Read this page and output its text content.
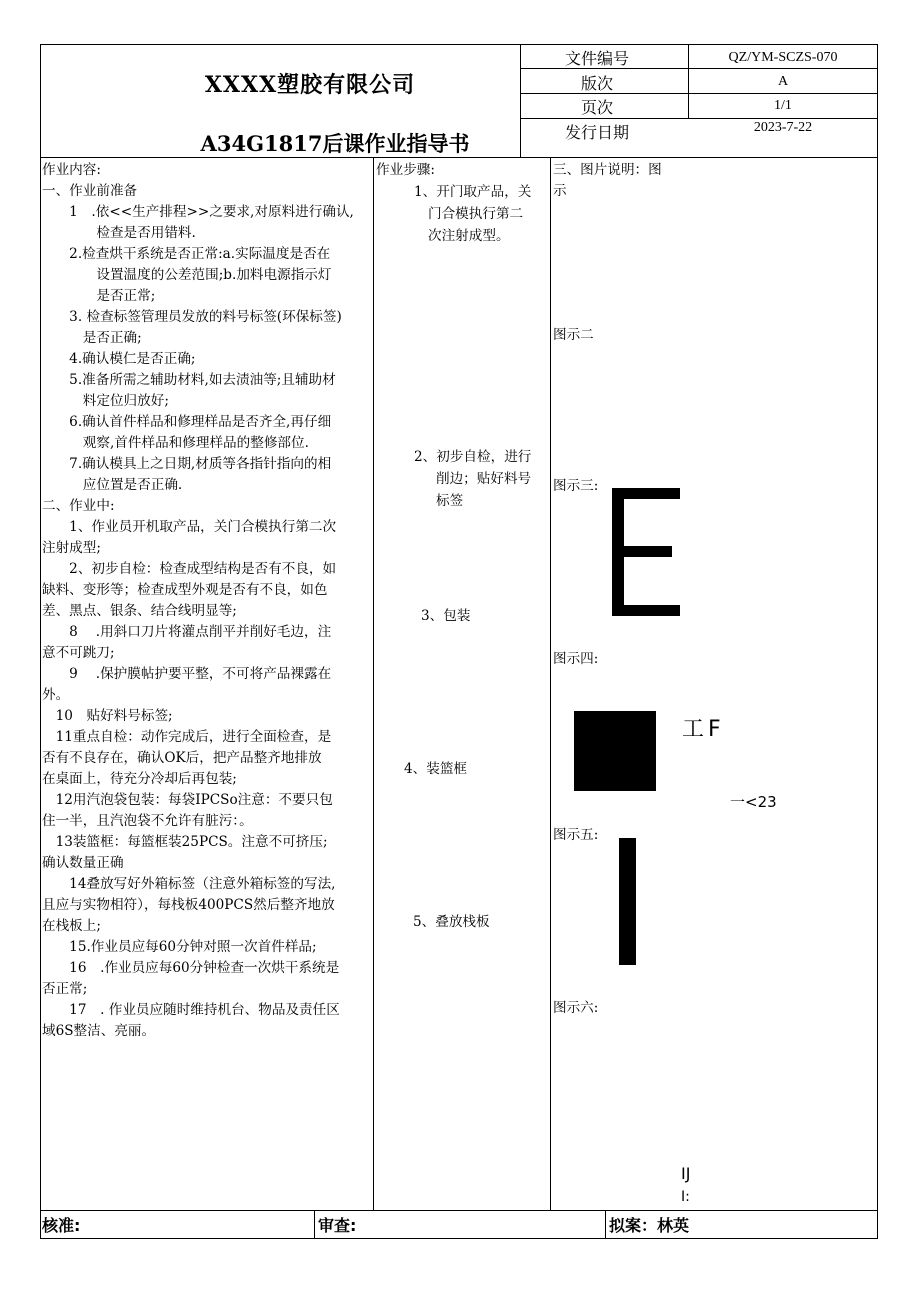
XXXX塑胶有限公司
A34G1817后课作业指导书
文件编号	QZ/YM-SCZS-070
版次	A
页次	1/1
发行日期	2023-7-22

作业内容:

一、作业前准备

　　1　.依<<生产排程>>之要求,对原料进行确认,

　　　　检查是否用错料.

　　2.检查烘干系统是否正常:a.实际温度是否在

　　　　设置温度的公差范围;b.加料电源指示灯

　　　　是否正常;

　　3. 检查标签管理员发放的料号标签(环保标签)

　　　是否正确;

　　4.确认模仁是否正确;

　　5.准备所需之辅助材料,如去渍油等;且辅助材

　　　料定位归放好;

　　6.确认首件样品和修理样品是否齐全,再仔细

　　　观察,首件样品和修理样品的整修部位.

　　7.确认模具上之日期,材质等各指针指向的相

　　　应位置是否正确.

二、作业中:

　　1、作业员开机取产品，关门合模执行第二次

注射成型;

　　2、初步自检：检查成型结构是否有不良，如

缺料、变形等；检查成型外观是否有不良，如色

差、黑点、银条、结合线明显等;

　　8　 .用斜口刀片将灌点削平并削好毛边，注

意不可跳刀;

　　9　 .保护膜帖护要平整，不可将产品裸露在

外。

　10　贴好料号标签;

　11重点自检：动作完成后，进行全面检查，是

否有不良存在，确认OK后，把产品整齐地排放

在桌面上，待充分冷却后再包装;

　12用汽泡袋包装：每袋IPCSo注意：不要只包

住一半，且汽泡袋不允许有脏污：。

　13装篮框：每篮框装25PCS。注意不可挤压;

确认数量正确

　　14叠放写好外箱标签（注意外箱标签的写法,

且应与实物相符），每栈板400PCS然后整齐地放

在栈板上;

　　15.作业员应每60分钟对照一次首件样品;

　　16　.作业员应每60分钟检查一次烘干系统是

否正常;

　　17　. 作业员应随时维持机台、物品及责任区

域6S整洁、亮丽。

作业步骤:

1、开门取产品，关
门合模执行第二
次注射成型。
2、初步自检，进行
削边；贴好料号
标签
3、包装
4、装篮框
5、叠放栈板
三、图片说明：图
示
图示二
图示三:
图示四:
图示五:
图示六:
工F
一<23
IJ
I:
核准:	审查:	拟案：林英
